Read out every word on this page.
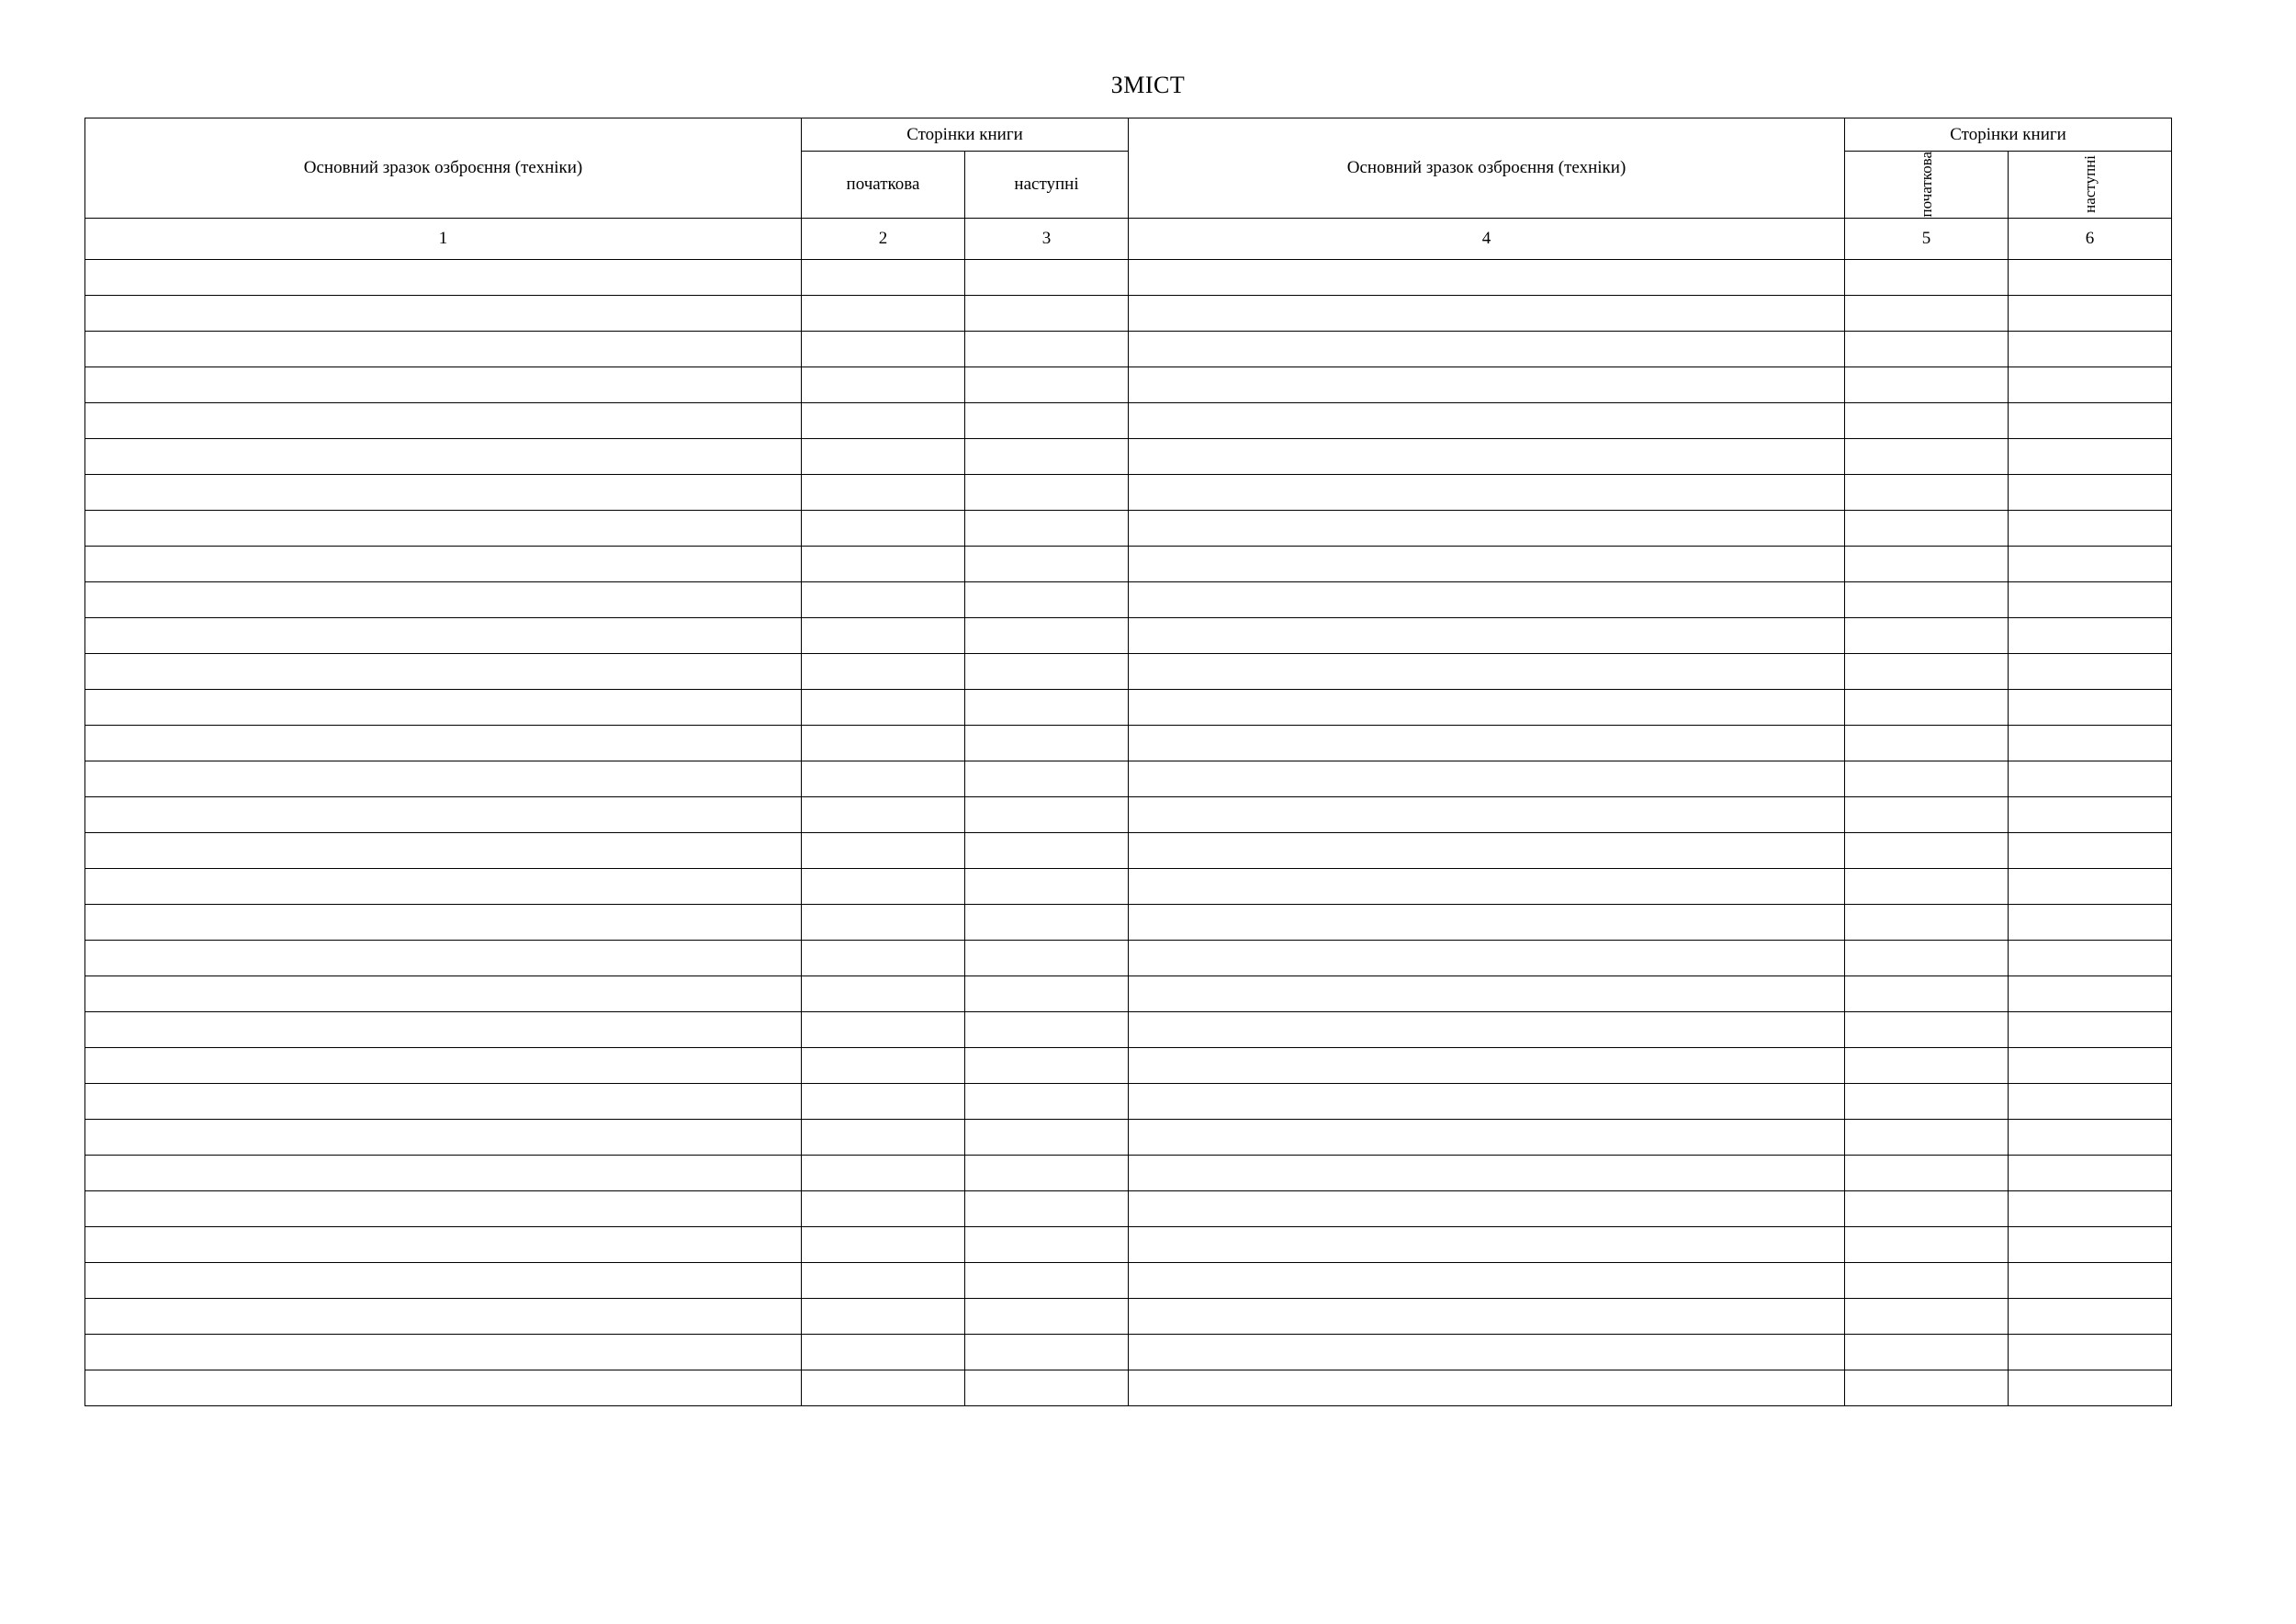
ЗМІСТ
Основний зразок озброєння (техніки)	Сторінки книги		Основний зразок озброєння (техніки)	Сторінки книги	
	початкова	наступні		початкова	наступні

1	2	3	4	5	6
